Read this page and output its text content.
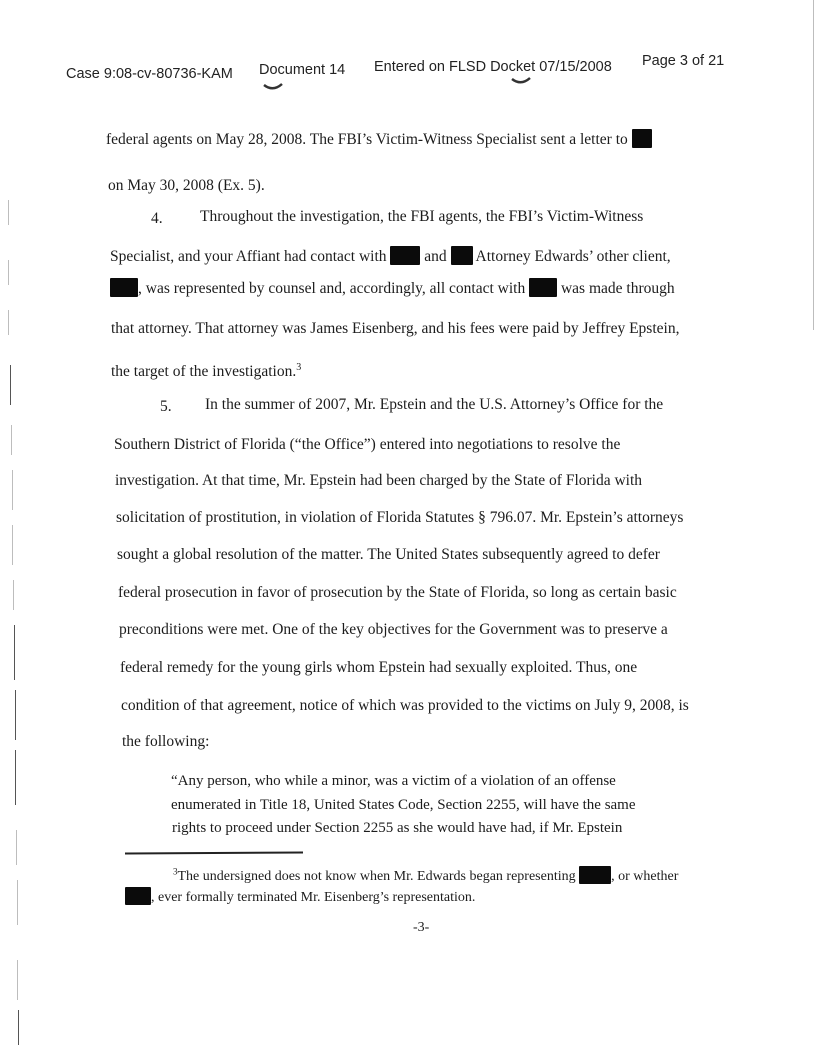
Case 9:08-cv-80736-KAM Document 14 Entered on FLSD Docket 07/15/2008 Page 3 of 21
federal agents on May 28, 2008. The FBI’s Victim-Witness Specialist sent a letter to
on May 30, 2008 (Ex. 5).
4. Throughout the investigation, the FBI agents, the FBI’s Victim-Witness
Specialist, and your Affiant had contact with and Attorney Edwards’ other client,
, was represented by counsel and, accordingly, all contact with was made through
that attorney. That attorney was James Eisenberg, and his fees were paid by Jeffrey Epstein,
the target of the investigation.$^3$
5. In the summer of 2007, Mr. Epstein and the U.S. Attorney’s Office for the
Southern District of Florida (“the Office”) entered into negotiations to resolve the
investigation. At that time, Mr. Epstein had been charged by the State of Florida with
solicitation of prostitution, in violation of Florida Statutes § 796.07. Mr. Epstein’s attorneys
sought a global resolution of the matter. The United States subsequently agreed to defer
federal prosecution in favor of prosecution by the State of Florida, so long as certain basic
preconditions were met. One of the key objectives for the Government was to preserve a
federal remedy for the young girls whom Epstein had sexually exploited. Thus, one
condition of that agreement, notice of which was provided to the victims on July 9, 2008, is
the following:
“Any person, who while a minor, was a victim of a violation of an offense
enumerated in Title 18, United States Code, Section 2255, will have the same
rights to proceed under Section 2255 as she would have had, if Mr. Epstein
$^3$The undersigned does not know when Mr. Edwards began representing	, or whether
, ever formally terminated Mr. Eisenberg’s representation.
-3-
